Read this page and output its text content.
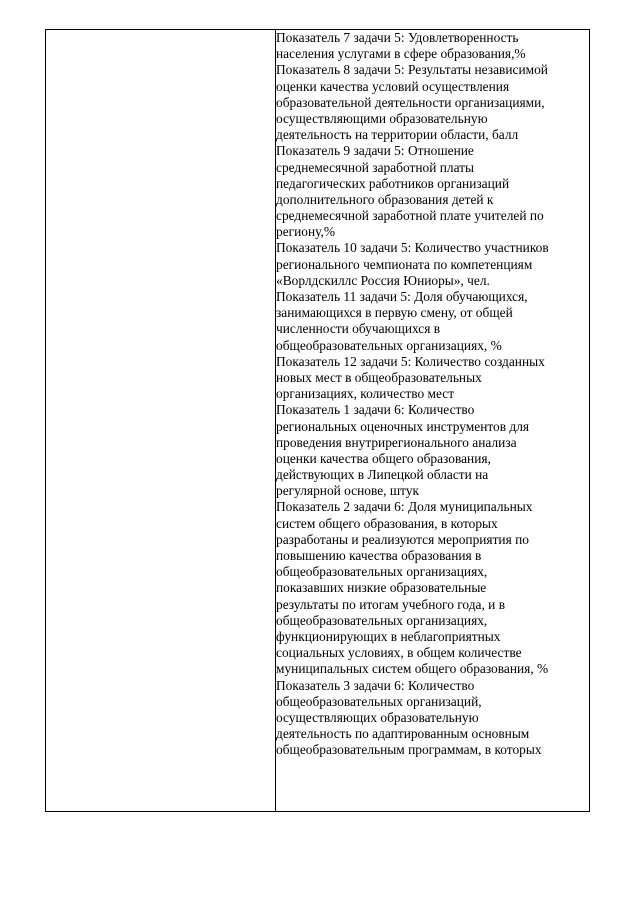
Показатель 7 задачи 5: Удовлетворенность
населения услугами в сфере образования,%
Показатель 8 задачи 5: Результаты независимой
оценки качества условий осуществления
образовательной деятельности организациями,
осуществляющими образовательную
деятельность на территории области, балл
Показатель 9 задачи 5: Отношение
среднемесячной заработной платы
педагогических работников организаций
дополнительного образования детей к
среднемесячной заработной плате учителей по
региону,%
Показатель 10 задачи 5: Количество участников
регионального чемпионата по компетенциям
«Ворлдскиллс Россия Юниоры», чел.
Показатель 11 задачи 5: Доля обучающихся,
занимающихся в первую смену, от общей
численности обучающихся в
общеобразовательных организациях, %
Показатель 12 задачи 5: Количество созданных
новых мест в общеобразовательных
организациях, количество мест
Показатель 1 задачи 6: Количество
региональных оценочных инструментов для
проведения внутрирегионального анализа
оценки качества общего образования,
действующих в Липецкой области на
регулярной основе, штук
Показатель 2 задачи 6: Доля муниципальных
систем общего образования, в которых
разработаны и реализуются мероприятия по
повышению качества образования в
общеобразовательных организациях,
показавших низкие образовательные
результаты по итогам учебного года, и в
общеобразовательных организациях,
функционирующих в неблагоприятных
социальных условиях, в общем количестве
муниципальных систем общего образования, %
Показатель 3 задачи 6: Количество
общеобразовательных организаций,
осуществляющих образовательную
деятельность по адаптированным основным
общеобразовательным программам, в которых
